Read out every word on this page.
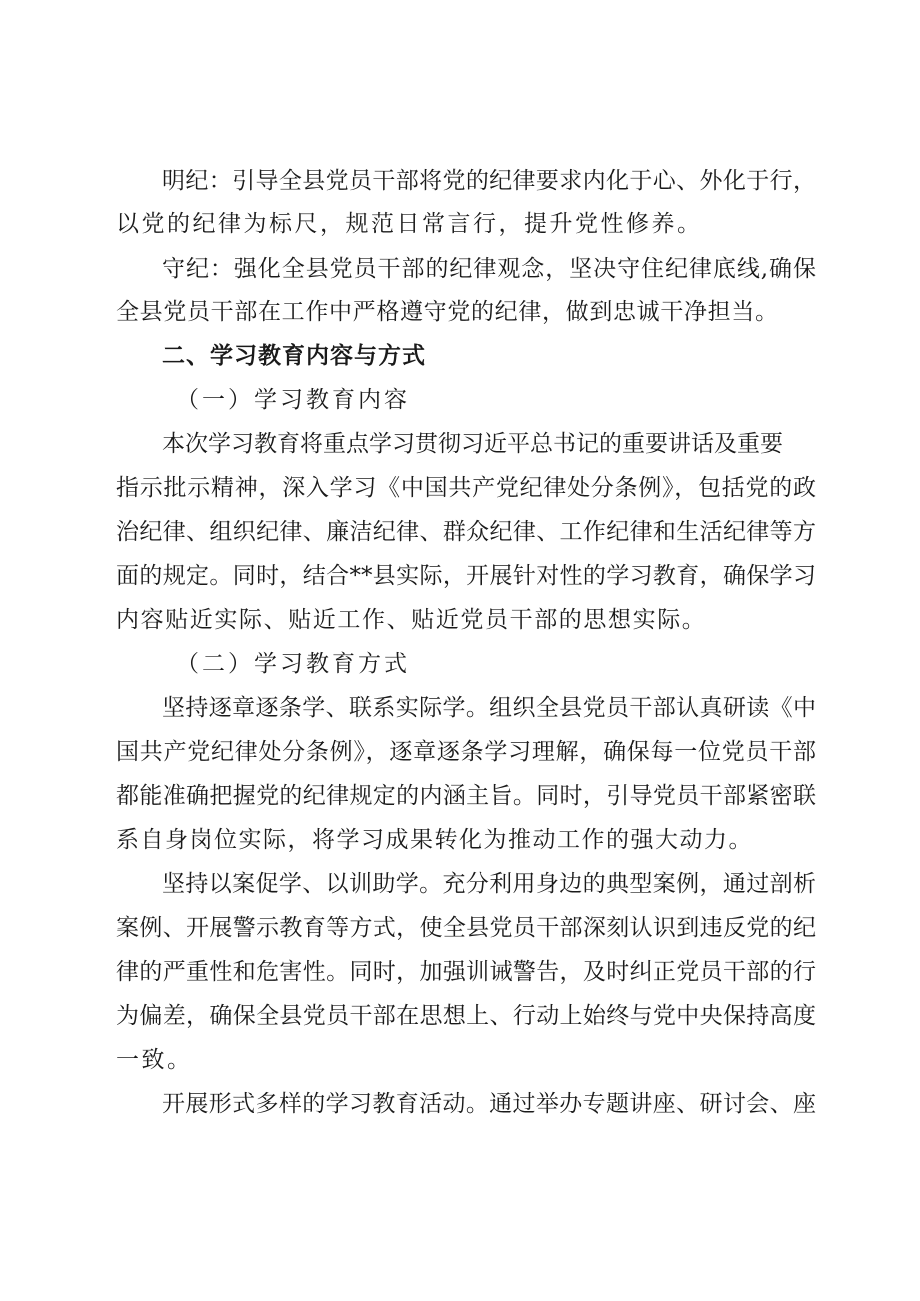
明纪：引导全县党员干部将党的纪律要求内化于心、外化于行，
以党的纪律为标尺，规范日常言行，提升党性修养。
守纪：强化全县党员干部的纪律观念，坚决守住纪律底线,确保
全县党员干部在工作中严格遵守党的纪律，做到忠诚干净担当。
二、学习教育内容与方式
（一）学习教育内容
本次学习教育将重点学习贯彻习近平总书记的重要讲话及重要
指示批示精神，深入学习《中国共产党纪律处分条例》，包括党的政
治纪律、组织纪律、廉洁纪律、群众纪律、工作纪律和生活纪律等方
面的规定。同时，结合**县实际，开展针对性的学习教育，确保学习
内容贴近实际、贴近工作、贴近党员干部的思想实际。
（二）学习教育方式
坚持逐章逐条学、联系实际学。组织全县党员干部认真研读《中
国共产党纪律处分条例》，逐章逐条学习理解，确保每一位党员干部
都能准确把握党的纪律规定的内涵主旨。同时，引导党员干部紧密联
系自身岗位实际，将学习成果转化为推动工作的强大动力。
坚持以案促学、以训助学。充分利用身边的典型案例，通过剖析
案例、开展警示教育等方式，使全县党员干部深刻认识到违反党的纪
律的严重性和危害性。同时，加强训诫警告，及时纠正党员干部的行
为偏差，确保全县党员干部在思想上、行动上始终与党中央保持高度
一致。
开展形式多样的学习教育活动。通过举办专题讲座、研讨会、座
